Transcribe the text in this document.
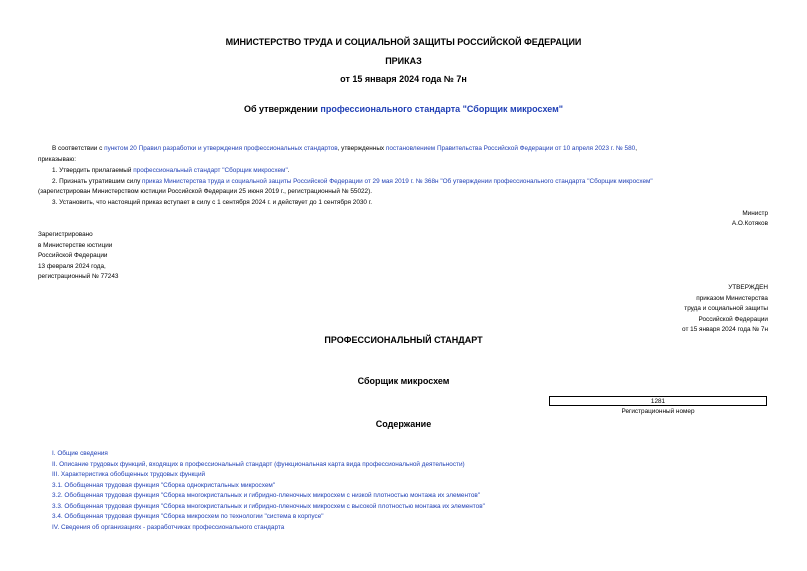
МИНИСТЕРСТВО ТРУДА И СОЦИАЛЬНОЙ ЗАЩИТЫ РОССИЙСКОЙ ФЕДЕРАЦИИ
ПРИКАЗ
от 15 января 2024 года № 7н
Об утверждении профессионального стандарта "Сборщик микросхем"
В соответствии с пунктом 20 Правил разработки и утверждения профессиональных стандартов, утвержденных постановлением Правительства Российской Федерации от 10 апреля 2023 г. № 580,
приказываю:
1. Утвердить прилагаемый профессиональный стандарт "Сборщик микросхем".
2. Признать утратившим силу приказ Министерства труда и социальной защиты Российской Федерации от 29 мая 2019 г. № 368н "Об утверждении профессионального стандарта "Сборщик микросхем"
(зарегистрирован Министерством юстиции Российской Федерации 25 июня 2019 г., регистрационный № 55022).
3. Установить, что настоящий приказ вступает в силу с 1 сентября 2024 г. и действует до 1 сентября 2030 г.
Министр
А.О.Котяков
Зарегистрировано
в Министерстве юстиции
Российской Федерации
13 февраля 2024 года,
регистрационный № 77243
УТВЕРЖДЕН
приказом Министерства
труда и социальной защиты
Российской Федерации
от 15 января 2024 года № 7н
ПРОФЕССИОНАЛЬНЫЙ СТАНДАРТ
Сборщик микросхем
1281
Регистрационный номер
Содержание
I. Общие сведения
II. Описание трудовых функций, входящих в профессиональный стандарт (функциональная карта вида профессиональной деятельности)
III. Характеристика обобщенных трудовых функций
3.1. Обобщенная трудовая функция "Сборка однокристальных микросхем"
3.2. Обобщенная трудовая функция "Сборка многокристальных и гибридно-пленочных микросхем с низкой плотностью монтажа их элементов"
3.3. Обобщенная трудовая функция "Сборка многокристальных и гибридно-пленочных микросхем с высокой плотностью монтажа их элементов"
3.4. Обобщенная трудовая функция "Сборка микросхем по технологии "система в корпусе"
IV. Сведения об организациях - разработчиках профессионального стандарта
